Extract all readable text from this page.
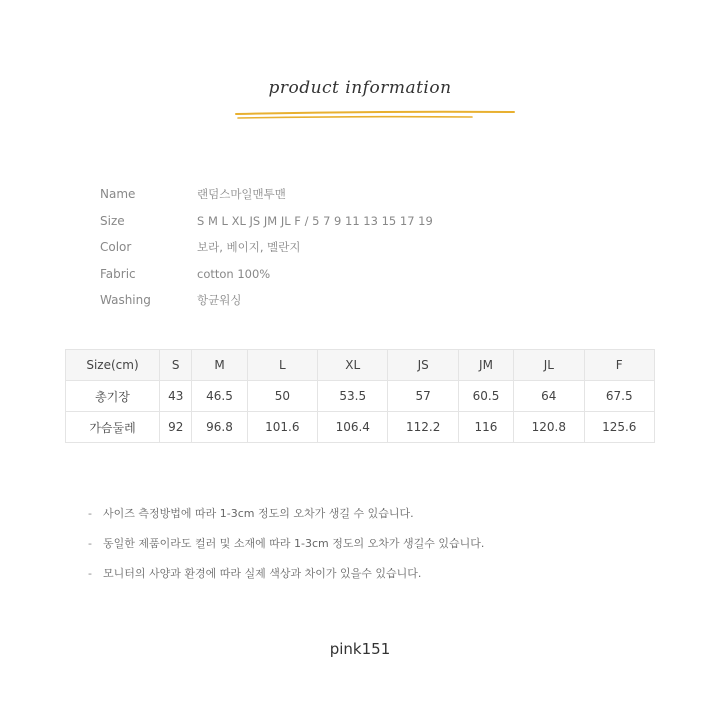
product information
Name	랜덤스마일맨투맨
Size	S M L XL JS JM JL F / 5 7 9 11 13 15 17 19
Color	보라, 베이지, 멜란지
Fabric	cotton 100%
Washing	항균워싱
Size(cm)	S	M	L	XL	JS	JM	JL	F
총기장	43	46.5	50	53.5	57	60.5	64	67.5
가슴둘레	92	96.8	101.6	106.4	112.2	116	120.8	125.6
-	사이즈 측정방법에 따라 1-3cm 정도의 오차가 생길 수 있습니다.
-	동일한 제품이라도 컬러 및 소재에 따라 1-3cm 정도의 오차가 생길수 있습니다.
-	모니터의 사양과 환경에 따라 실제 색상과 차이가 있을수 있습니다.
pink151
